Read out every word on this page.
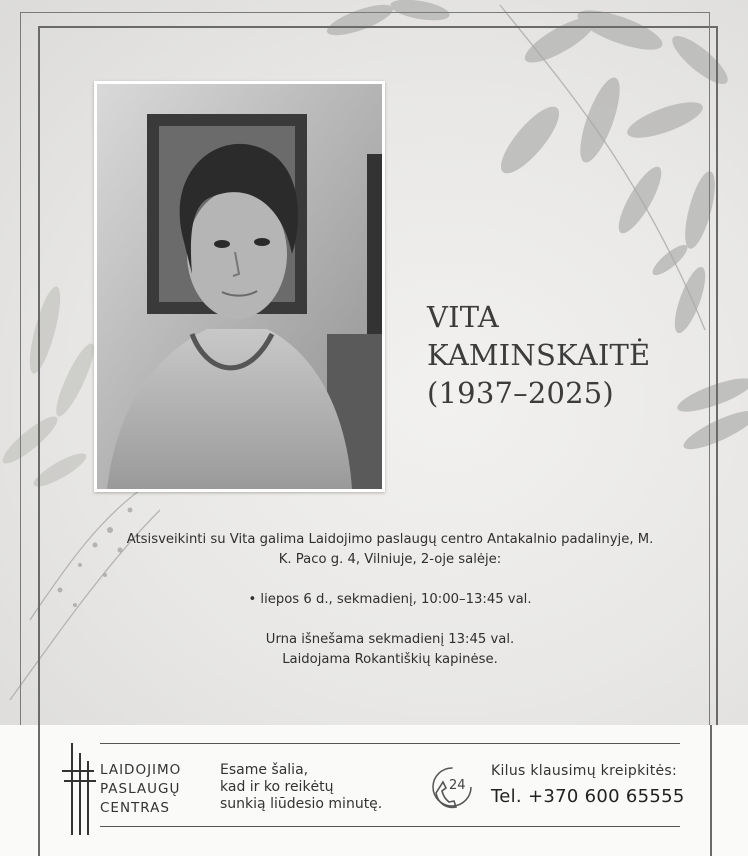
VITA
KAMINSKAITĖ
(1937–2025)

Atsisveikinti su Vita galima Laidojimo paslaugų centro Antakalnio padalinyje, M.

K. Paco g. 4, Vilniuje, 2-oje salėje:

• liepos 6 d., sekmadienį, 10:00–13:45 val.

Urna išnešama sekmadienį 13:45 val.

Laidojama Rokantiškių kapinėse.

LAIDOJIMO
PASLAUGŲ
CENTRAS
Esame šalia,
kad ir ko reikėtų
sunkią liūdesio minutę.
24
Kilus klausimų kreipkitės:
Tel. +370 600 65555
